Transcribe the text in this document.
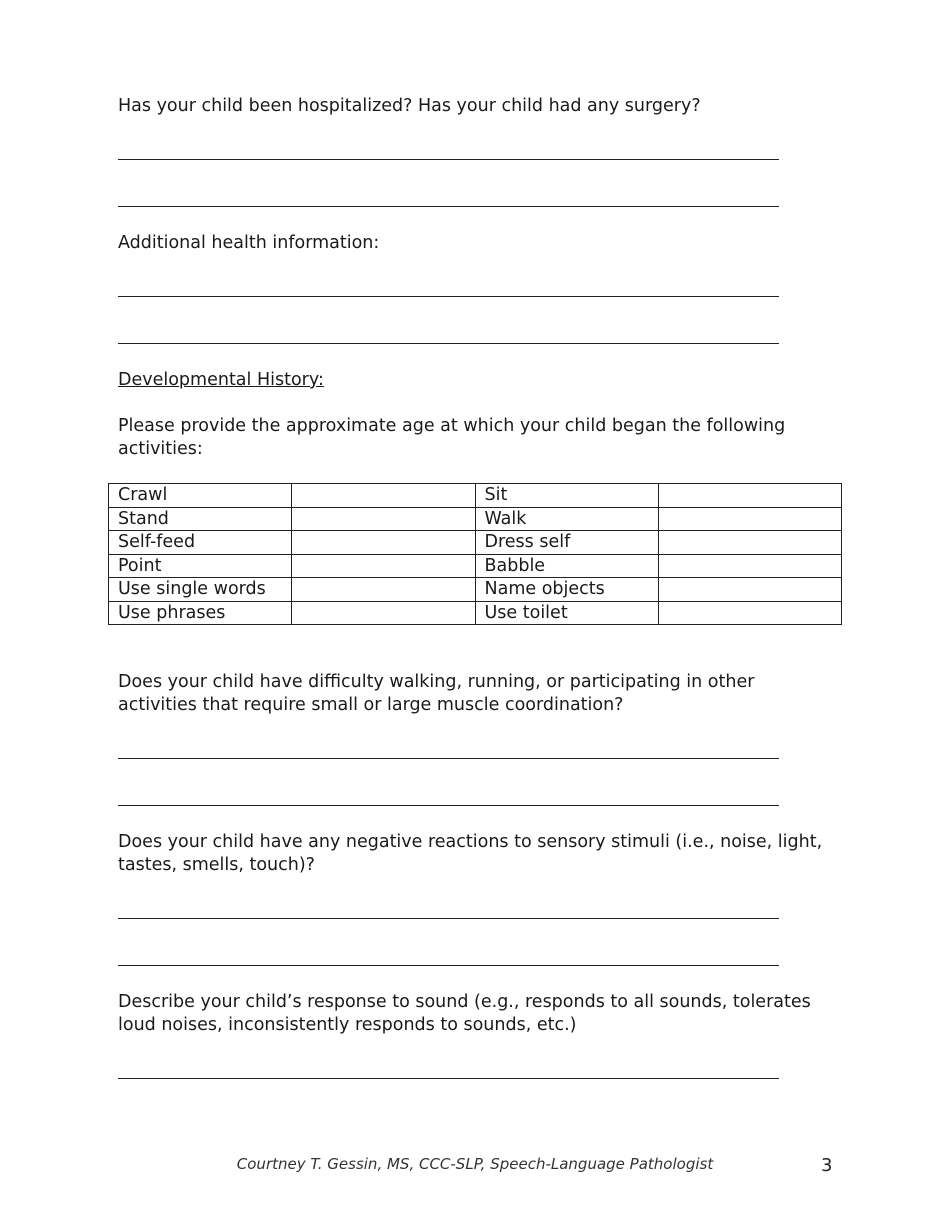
Has your child been hospitalized? Has your child had any surgery?

Additional health information:

Developmental History:

Please provide the approximate age at which your child began the following activities:

Crawl		Sit	
Stand		Walk	
Self-feed		Dress self	
Point		Babble	
Use single words		Name objects	
Use phrases		Use toilet	

Does your child have difficulty walking, running, or participating in other activities that require small or large muscle coordination?

Does your child have any negative reactions to sensory stimuli (i.e., noise, light, tastes, smells, touch)?

Describe your child’s response to sound (e.g., responds to all sounds, tolerates loud noises, inconsistently responds to sounds, etc.)

Courtney T. Gessin, MS, CCC-SLP, Speech-Language Pathologist	3
